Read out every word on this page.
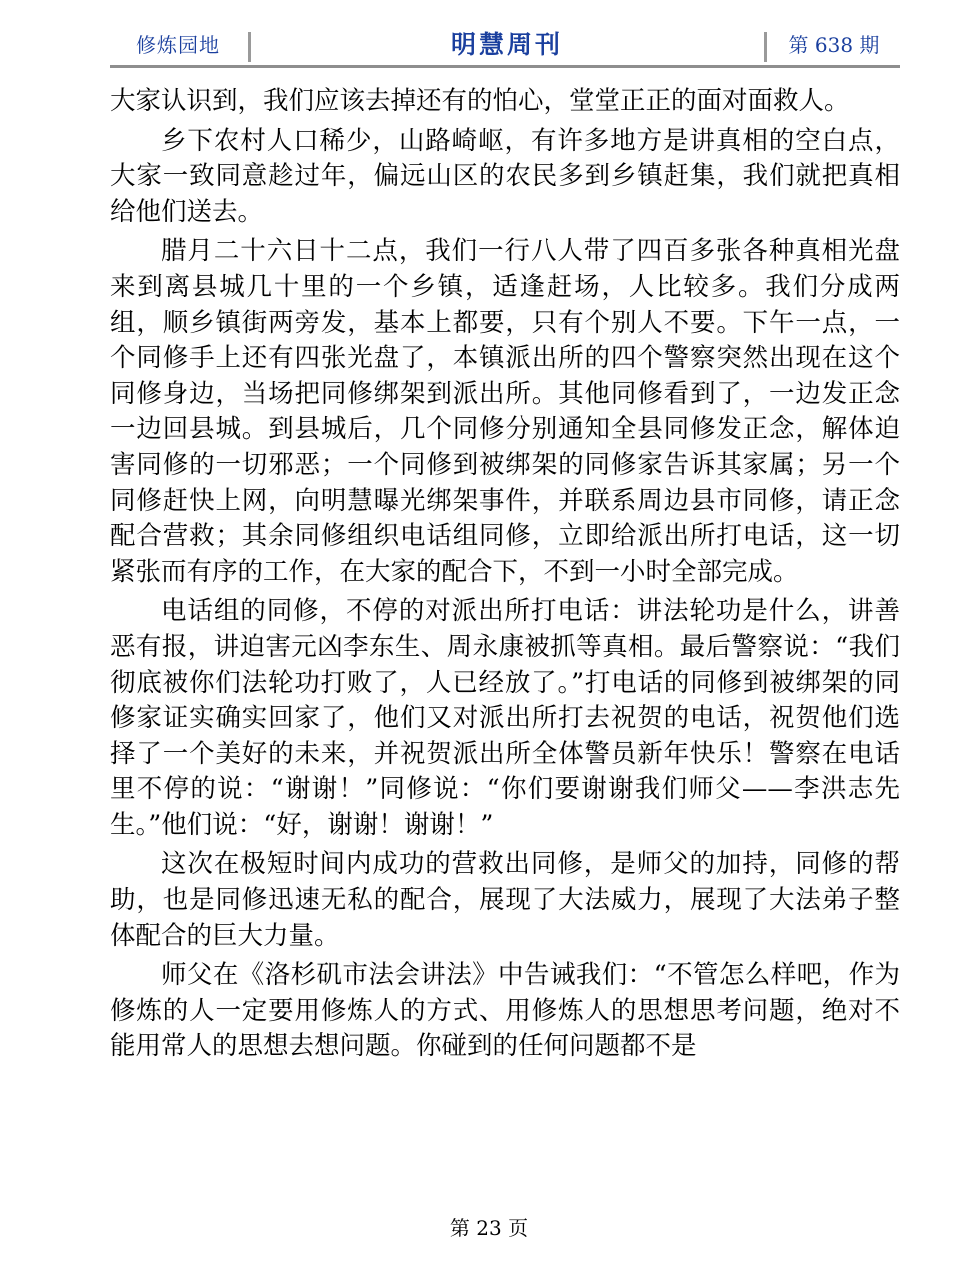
修炼园地	明慧周刊	第 638 期

大家认识到，我们应该去掉还有的怕心，堂堂正正的面对面救人。

乡下农村人口稀少，山路崎岖，有许多地方是讲真相的空白点，大家一致同意趁过年，偏远山区的农民多到乡镇赶集，我们就把真相给他们送去。

腊月二十六日十二点，我们一行八人带了四百多张各种真相光盘来到离县城几十里的一个乡镇，适逢赶场，人比较多。我们分成两组，顺乡镇街两旁发，基本上都要，只有个别人不要。下午一点，一个同修手上还有四张光盘了，本镇派出所的四个警察突然出现在这个同修身边，当场把同修绑架到派出所。其他同修看到了，一边发正念一边回县城。到县城后，几个同修分别通知全县同修发正念，解体迫害同修的一切邪恶；一个同修到被绑架的同修家告诉其家属；另一个同修赶快上网，向明慧曝光绑架事件，并联系周边县市同修，请正念配合营救；其余同修组织电话组同修，立即给派出所打电话，这一切紧张而有序的工作，在大家的配合下，不到一小时全部完成。

电话组的同修，不停的对派出所打电话：讲法轮功是什么，讲善恶有报，讲迫害元凶李东生、周永康被抓等真相。最后警察说：“我们彻底被你们法轮功打败了，人已经放了。”打电话的同修到被绑架的同修家证实确实回家了，他们又对派出所打去祝贺的电话，祝贺他们选择了一个美好的未来，并祝贺派出所全体警员新年快乐！警察在电话里不停的说：“谢谢！”同修说：“你们要谢谢我们师父——李洪志先生。”他们说：“好，谢谢！谢谢！”

这次在极短时间内成功的营救出同修，是师父的加持，同修的帮助，也是同修迅速无私的配合，展现了大法威力，展现了大法弟子整体配合的巨大力量。

师父在《洛杉矶市法会讲法》中告诫我们：“不管怎么样吧，作为修炼的人一定要用修炼人的方式、用修炼人的思想思考问题，绝对不能用常人的思想去想问题。你碰到的任何问题都不是

第 23 页
